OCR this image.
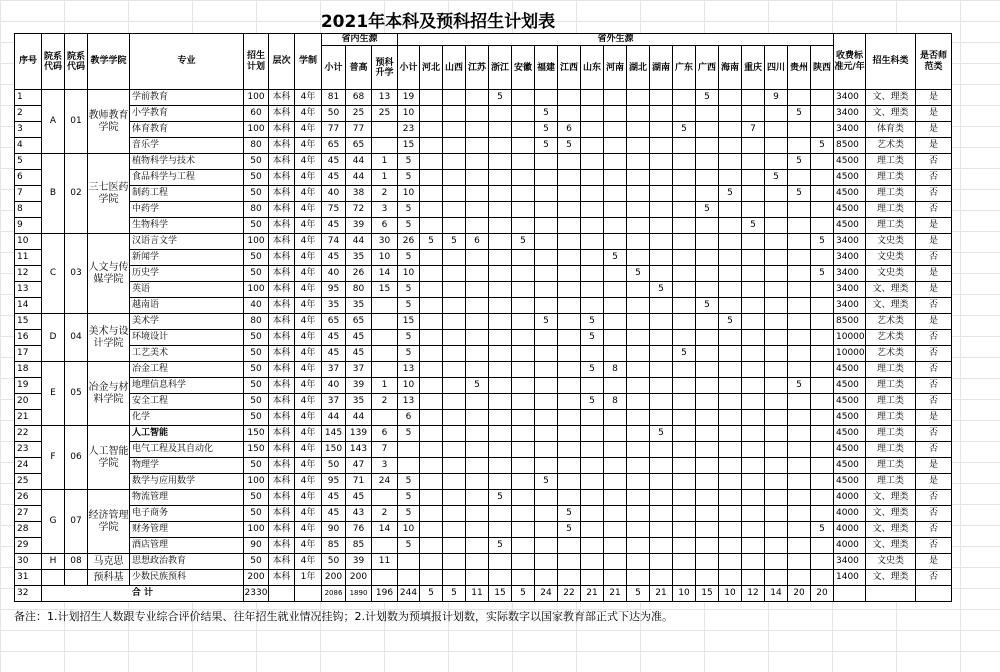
2021年本科及预科招生计划表
序号	院系代码	院系代码	教学学院	专业	招生计划	层次	学制	省内生源			省外生源																			收费标准元/年	招生科类	是否师范类
								小计	普高	预科升学	小计	河北	山西	江苏	浙江	安徽	福建	江西	山东	河南	湖北	湖南	广东	广西	海南	重庆	四川	贵州	陕西			
1	A	01	教师教育学院	学前教育	100	本科	4年	81	68	13	19				5									5			9			3400	文、理类	是
2				小学教育	60	本科	4年	50	25	25	10						5											5		3400	文、理类	是
3				体育教育	100	本科	4年	77	77		23						5	6					5			7				3400	体育类	是
4				音乐学	80	本科	4年	65	65		15						5	5											5	8500	艺术类	是
5	B	02	三七医药学院	植物科学与技术	50	本科	4年	45	44	1	5																	5		4500	理工类	否
6				食品科学与工程	50	本科	4年	45	44	1	5																5			4500	理工类	否
7				制药工程	50	本科	4年	40	38	2	10														5			5		4500	理工类	否
8				中药学	80	本科	4年	75	72	3	5													5						4500	理工类	否
9				生物科学	50	本科	4年	45	39	6	5															5				4500	理工类	是
10	C	03	人文与传媒学院	汉语言文学	100	本科	4年	74	44	30	26	5	5	6		5													5	3400	文史类	是
11				新闻学	50	本科	4年	45	35	10	5									5										3400	文史类	否
12				历史学	50	本科	4年	40	26	14	10										5								5	3400	文史类	是
13				英语	100	本科	4年	95	80	15	5											5								3400	文、理类	是
14				越南语	40	本科	4年	35	35		5													5						3400	文、理类	否
15	D	04	美术与设计学院	美术学	80	本科	4年	65	65		15						5		5						5					8500	艺术类	是
16				环境设计	50	本科	4年	45	45		5								5											10000	艺术类	否
17				工艺美术	50	本科	4年	45	45		5												5							10000	艺术类	否
18	E	05	冶金与材料学院	冶金工程	50	本科	4年	37	37		13								5	8										4500	理工类	否
19				地理信息科学	50	本科	4年	40	39	1	10			5														5		4500	理工类	否
20				安全工程	50	本科	4年	37	35	2	13								5	8										4500	理工类	否
21				化学	50	本科	4年	44	44		6																			4500	理工类	是
22	F	06	人工智能学院	人工智能	150	本科	4年	145	139	6	5											5								4500	理工类	否
23				电气工程及其自动化	150	本科	4年	150	143	7																				4500	理工类	否
24				物理学	50	本科	4年	50	47	3																				4500	理工类	是
25				数学与应用数学	100	本科	4年	95	71	24	5						5													4500	理工类	是
26	G	07	经济管理学院	物流管理	50	本科	4年	45	45		5				5															4000	文、理类	否
27				电子商务	50	本科	4年	45	43	2	5							5												4000	文、理类	否
28				财务管理	100	本科	4年	90	76	14	10							5											5	4000	文、理类	否
29				酒店管理	90	本科	4年	85	85		5				5															4000	文、理类	否
30	H	08	马克思	思想政治教育	50	本科	4年	50	39	11																				3400	文史类	是
31			预科基	少数民族预科	200	本科	1年	200	200																					1400	文、理类	否
32	合 计				2330			2086	1890	196	244	5	5	11	15	5	24	22	21	21	5	21	10	15	10	12	14	20	20			
备注：1.计划招生人数跟专业综合评价结果、往年招生就业情况挂钩；2.计划数为预填报计划数，实际数字以国家教育部正式下达为准。
